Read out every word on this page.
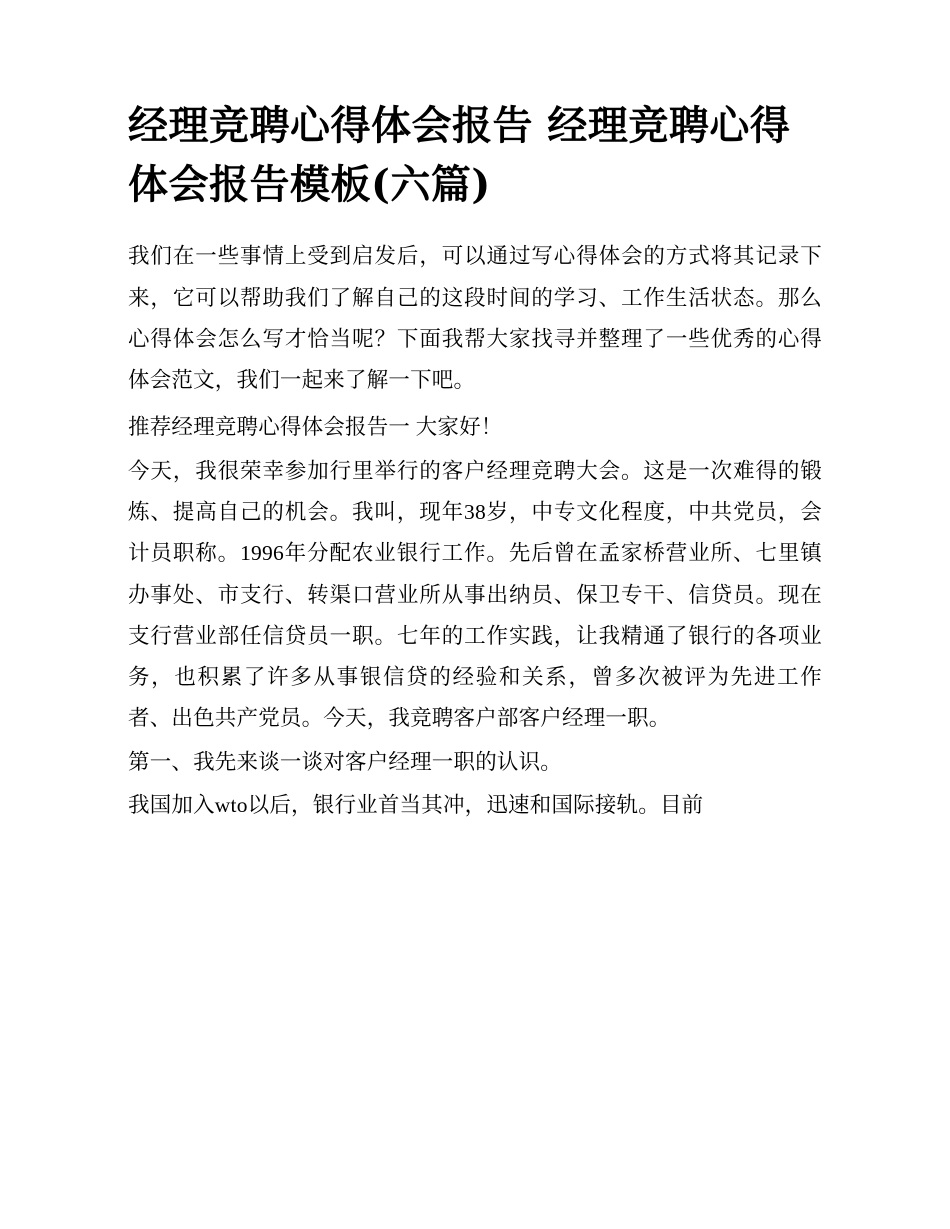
经理竞聘心得体会报告 经理竞聘心得体会报告模板(六篇)

我们在一些事情上受到启发后，可以通过写心得体会的方式将其记录下来，它可以帮助我们了解自己的这段时间的学习、工作生活状态。那么心得体会怎么写才恰当呢？下面我帮大家找寻并整理了一些优秀的心得体会范文，我们一起来了解一下吧。

推荐经理竞聘心得体会报告一 大家好！

今天，我很荣幸参加行里举行的客户经理竞聘大会。这是一次难得的锻炼、提高自己的机会。我叫，现年38岁，中专文化程度，中共党员，会计员职称。1996年分配农业银行工作。先后曾在孟家桥营业所、七里镇办事处、市支行、转渠口营业所从事出纳员、保卫专干、信贷员。现在支行营业部任信贷员一职。七年的工作实践，让我精通了银行的各项业务，也积累了许多从事银信贷的经验和关系，曾多次被评为先进工作者、出色共产党员。今天，我竞聘客户部客户经理一职。

第一、我先来谈一谈对客户经理一职的认识。

我国加入wto以后，银行业首当其冲，迅速和国际接轨。目前
